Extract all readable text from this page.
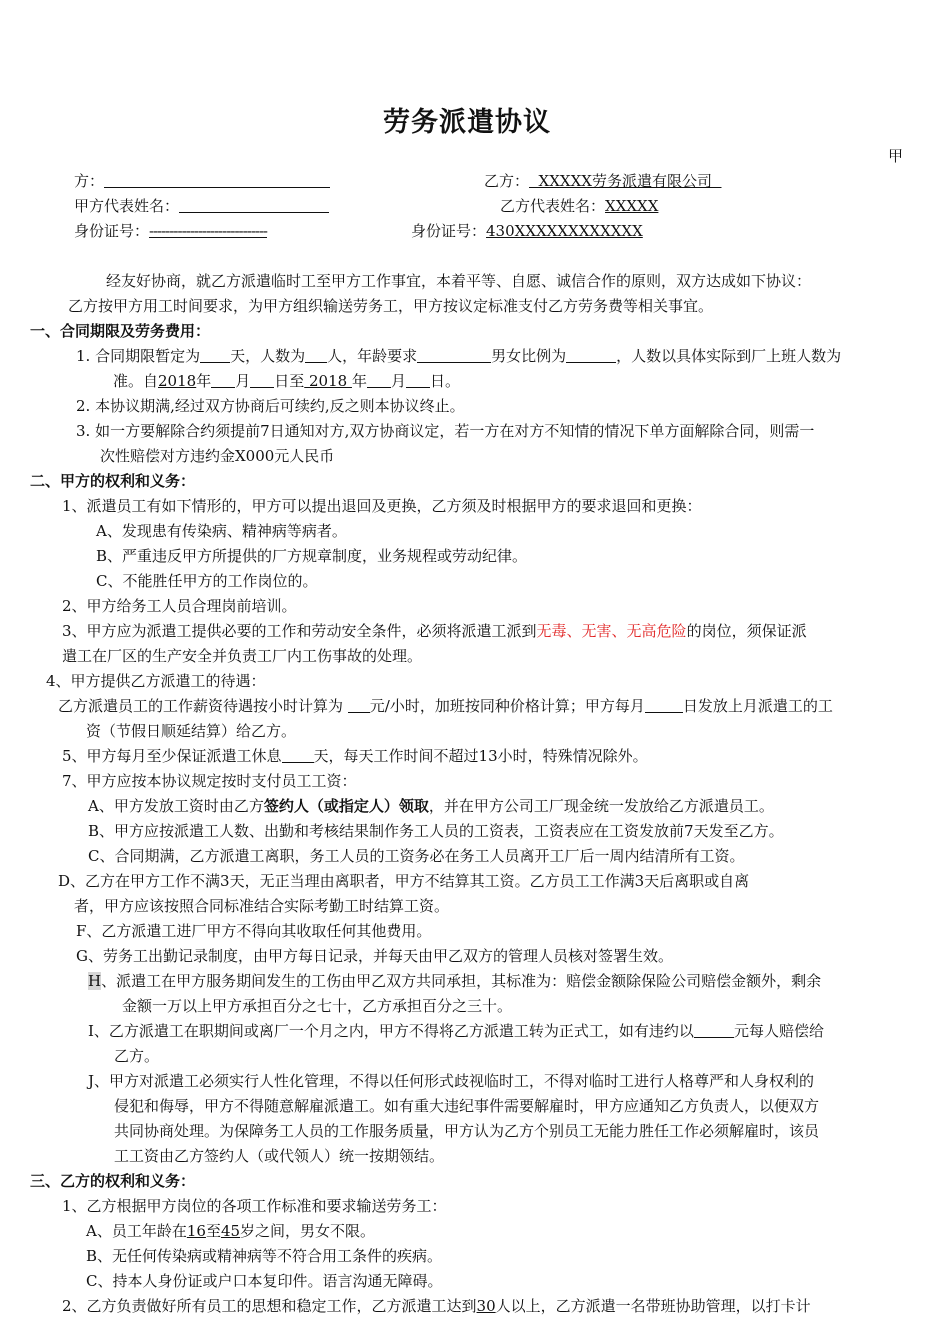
劳务派遣协议
甲
方：	乙方：  XXXXX劳务派遣有限公司
甲方代表姓名：	乙方代表姓名：XXXXX
身份证号：-----------------------------	身份证号：430XXXXXXXXXXXX
经友好协商，就乙方派遣临时工至甲方工作事宜，本着平等、自愿、诚信合作的原则，双方达成如下协议：
乙方按甲方用工时间要求，为甲方组织输送劳务工，甲方按议定标准支付乙方劳务费等相关事宜。
一、合同期限及劳务费用：
1. 合同期限暂定为 天，人数为 人，年龄要求	男女比例为	，人数以具体实际到厂上班人数为
准。自2018年 月 日至 2018 年 月 日。
2. 本协议期满,经过双方协商后可续约,反之则本协议终止。
3. 如一方要解除合约须提前7日通知对方,双方协商议定，若一方在对方不知情的情况下单方面解除合同，则需一
次性赔偿对方违约金X000元人民币
二、甲方的权利和义务：
1、派遣员工有如下情形的，甲方可以提出退回及更换，乙方须及时根据甲方的要求退回和更换：
A、发现患有传染病、精神病等病者。
B、严重违反甲方所提供的厂方规章制度，业务规程或劳动纪律。
C、不能胜任甲方的工作岗位的。
2、甲方给务工人员合理岗前培训。
3、甲方应为派遣工提供必要的工作和劳动安全条件，必须将派遣工派到无毒、无害、无高危险的岗位，须保证派
遣工在厂区的生产安全并负责工厂内工伤事故的处理。
4、甲方提供乙方派遣工的待遇：
乙方派遣员工的工作薪资待遇按小时计算为 元/小时，加班按同种价格计算；甲方每月	日发放上月派遣工的工
资（节假日顺延结算）给乙方。
5、甲方每月至少保证派遣工休息 天，每天工作时间不超过13小时，特殊情况除外。
7、甲方应按本协议规定按时支付员工工资：
A、甲方发放工资时由乙方签约人（或指定人）领取，并在甲方公司工厂现金统一发放给乙方派遣员工。
B、甲方应按派遣工人数、出勤和考核结果制作务工人员的工资表，工资表应在工资发放前7天发至乙方。
C、合同期满，乙方派遣工离职，务工人员的工资务必在务工人员离开工厂后一周内结清所有工资。
D、乙方在甲方工作不满3天，无正当理由离职者，甲方不结算其工资。乙方员工工作满3天后离职或自离
者，甲方应该按照合同标准结合实际考勤工时结算工资。
F、乙方派遣工进厂甲方不得向其收取任何其他费用。
G、劳务工出勤记录制度，由甲方每日记录，并每天由甲乙双方的管理人员核对签署生效。
H、派遣工在甲方服务期间发生的工伤由甲乙双方共同承担，其标准为：赔偿金额除保险公司赔偿金额外，剩余
金额一万以上甲方承担百分之七十，乙方承担百分之三十。
I、乙方派遣工在职期间或离厂一个月之内，甲方不得将乙方派遣工转为正式工，如有违约以	元每人赔偿给
乙方。
J、甲方对派遣工必须实行人性化管理，不得以任何形式歧视临时工，不得对临时工进行人格尊严和人身权利的
侵犯和侮辱，甲方不得随意解雇派遣工。如有重大违纪事件需要解雇时，甲方应通知乙方负责人，以便双方
共同协商处理。为保障务工人员的工作服务质量，甲方认为乙方个别员工无能力胜任工作必须解雇时，该员
工工资由乙方签约人（或代领人）统一按期领结。
三、乙方的权利和义务：
1、乙方根据甲方岗位的各项工作标准和要求输送劳务工：
A、员工年龄在16至45岁之间，男女不限。
B、无任何传染病或精神病等不符合用工条件的疾病。
C、持本人身份证或户口本复印件。语言沟通无障碍。
2、乙方负责做好所有员工的思想和稳定工作，乙方派遣工达到30人以上，乙方派遣一名带班协助管理，以打卡计
